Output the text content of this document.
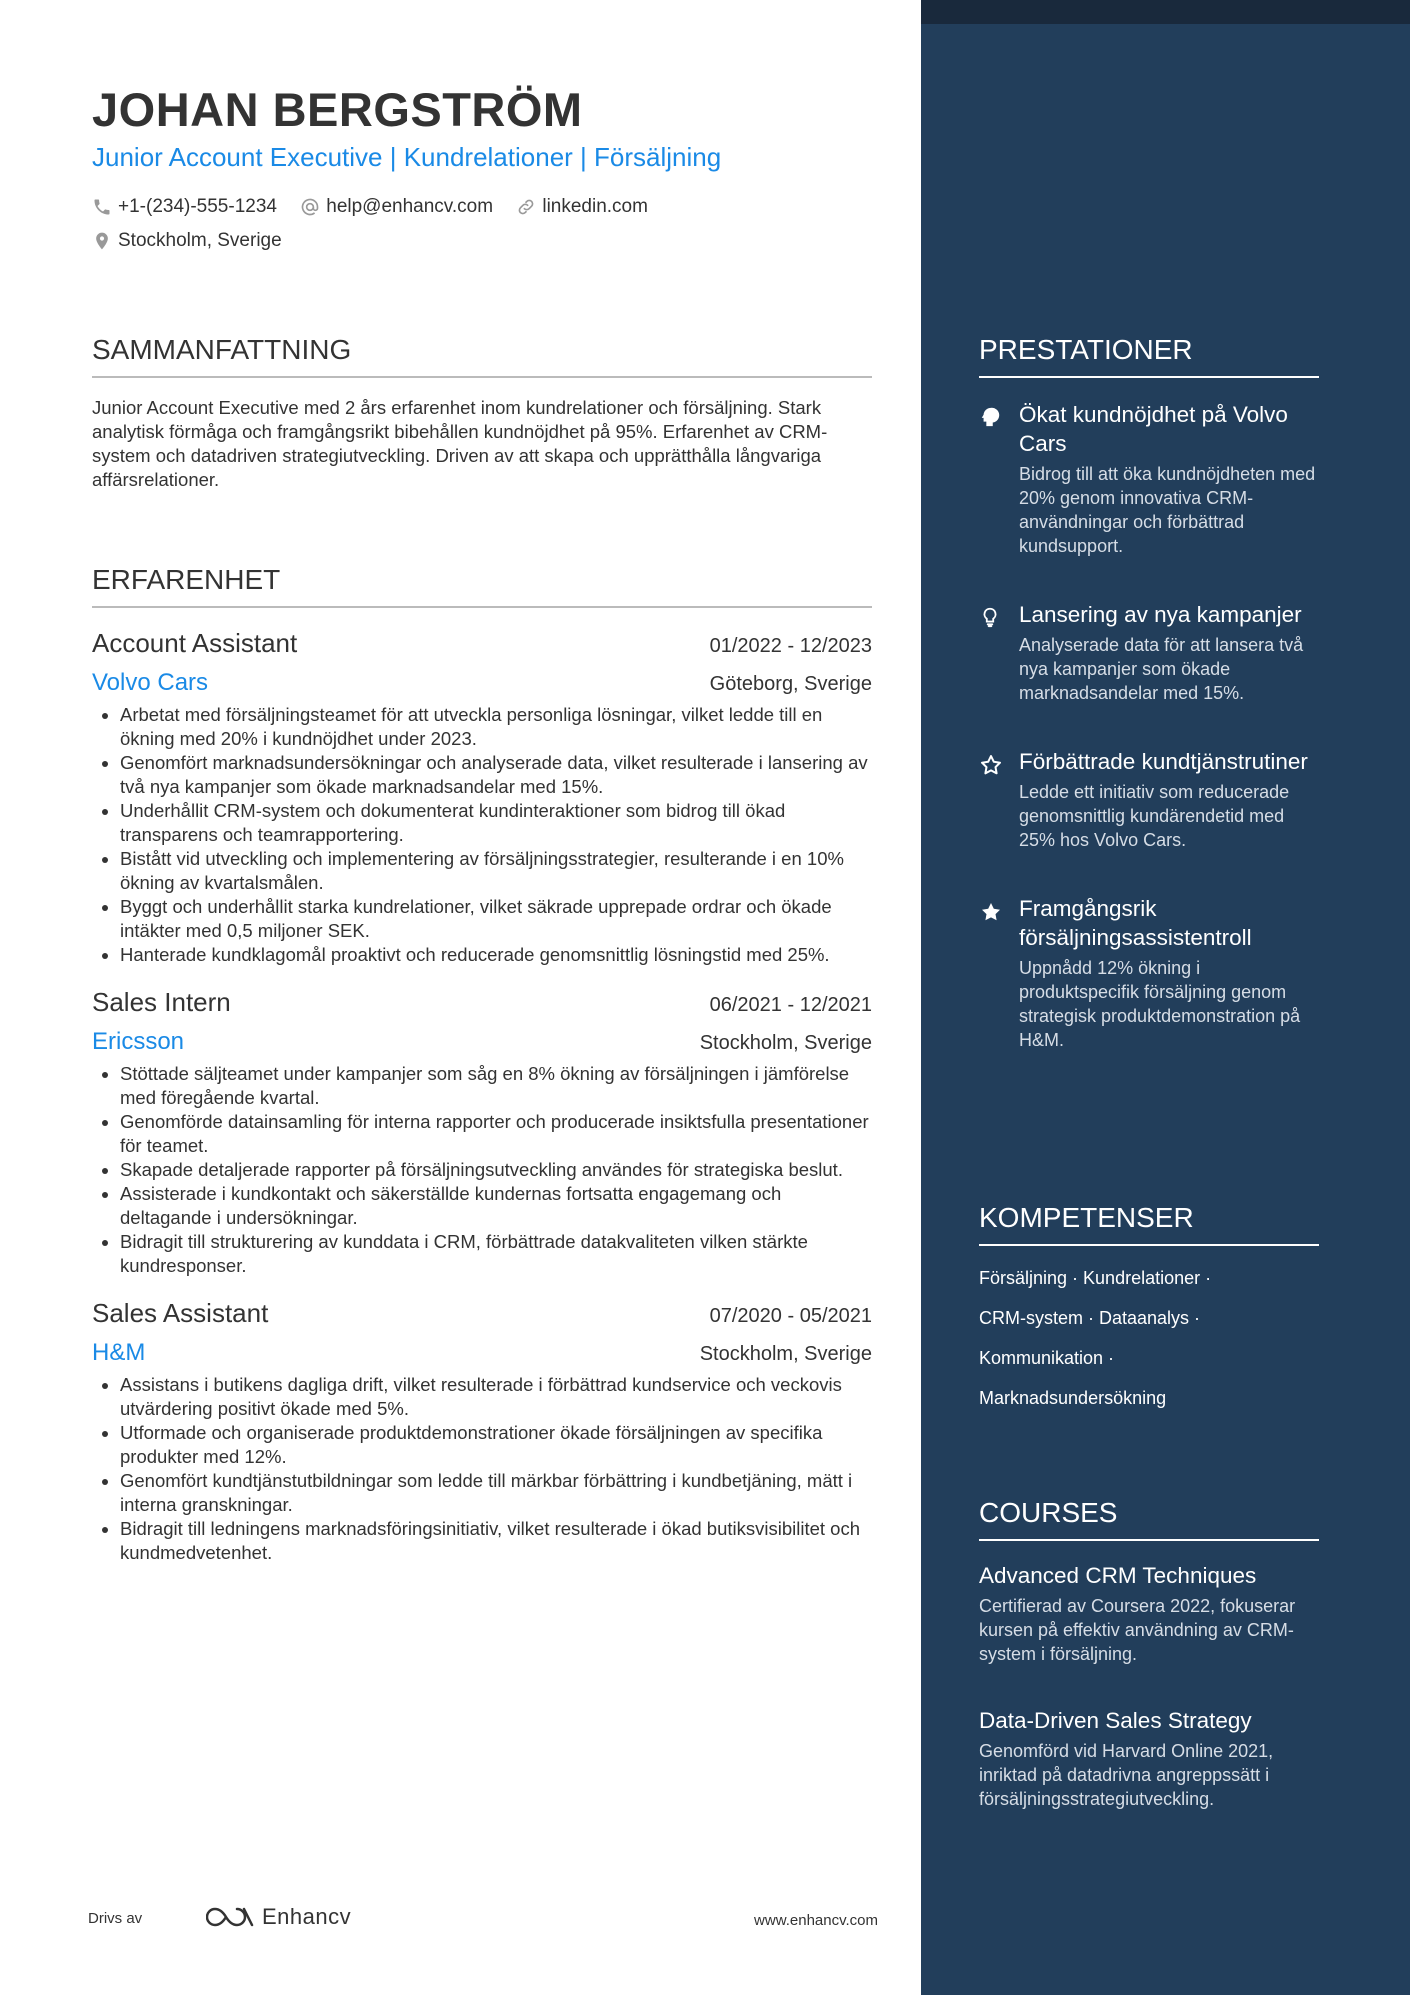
JOHAN BERGSTRÖM
Junior Account Executive | Kundrelationer | Försäljning
+1-(234)-555-1234
	help@enhancv.com
	linkedin.com

Stockholm, Sverige
SAMMANFATTNING

Junior Account Executive med 2 års erfarenhet inom kundrelationer och försäljning. Stark analytisk förmåga och framgångsrikt bibehållen kundnöjdhet på 95%. Erfarenhet av CRM-system och datadriven strategiutveckling. Driven av att skapa och upprätthålla långvariga affärsrelationer.

ERFARENHET
Account Assistant	01/2022 - 12/2023
Volvo Cars	Göteborg, Sverige
• Arbetat med försäljningsteamet för att utveckla personliga lösningar, vilket ledde till en ökning med 20% i kundnöjdhet under 2023.
• Genomfört marknadsundersökningar och analyserade data, vilket resulterade i lansering av två nya kampanjer som ökade marknadsandelar med 15%.
• Underhållit CRM-system och dokumenterat kundinteraktioner som bidrog till ökad transparens och teamrapportering.
• Bistått vid utveckling och implementering av försäljningsstrategier, resulterande i en 10% ökning av kvartalsmålen.
• Byggt och underhållit starka kundrelationer, vilket säkrade upprepade ordrar och ökade intäkter med 0,5 miljoner SEK.
• Hanterade kundklagomål proaktivt och reducerade genomsnittlig lösningstid med 25%.
Sales Intern	06/2021 - 12/2021
Ericsson	Stockholm, Sverige
• Stöttade säljteamet under kampanjer som såg en 8% ökning av försäljningen i jämförelse med föregående kvartal.
• Genomförde datainsamling för interna rapporter och producerade insiktsfulla presentationer för teamet.
• Skapade detaljerade rapporter på försäljningsutveckling användes för strategiska beslut.
• Assisterade i kundkontakt och säkerställde kundernas fortsatta engagemang och deltagande i undersökningar.
• Bidragit till strukturering av kunddata i CRM, förbättrade datakvaliteten vilken stärkte kundresponser.
Sales Assistant	07/2020 - 05/2021
H&M	Stockholm, Sverige
• Assistans i butikens dagliga drift, vilket resulterade i förbättrad kundservice och veckovis utvärdering positivt ökade med 5%.
• Utformade och organiserade produktdemonstrationer ökade försäljningen av specifika produkter med 12%.
• Genomfört kundtjänstutbildningar som ledde till märkbar förbättring i kundbetjäning, mätt i interna granskningar.
• Bidragit till ledningens marknadsföringsinitiativ, vilket resulterade i ökad butiksvisibilitet och kundmedvetenhet.
Drivs av	Enhancv	www.enhancv.com
PRESTATIONER
Ökat kundnöjdhet på Volvo Cars
Bidrog till att öka kundnöjdheten med 20% genom innovativa CRM-användningar och förbättrad kundsupport.
Lansering av nya kampanjer
Analyserade data för att lansera två nya kampanjer som ökade marknadsandelar med 15%.
Förbättrade kundtjänstrutiner
Ledde ett initiativ som reducerade genomsnittlig kundärendetid med 25% hos Volvo Cars.
Framgångsrik försäljningsassistentroll
Uppnådd 12% ökning i produktspecifik försäljning genom strategisk produktdemonstration på H&M.
KOMPETENSER
Försäljning · Kundrelationer ·
CRM-system · Dataanalys ·
Kommunikation ·
Marknadsundersökning
COURSES
Advanced CRM Techniques
Certifierad av Coursera 2022, fokuserar kursen på effektiv användning av CRM-system i försäljning.
Data-Driven Sales Strategy
Genomförd vid Harvard Online 2021, inriktad på datadrivna angreppssätt i försäljningsstrategiutveckling.
